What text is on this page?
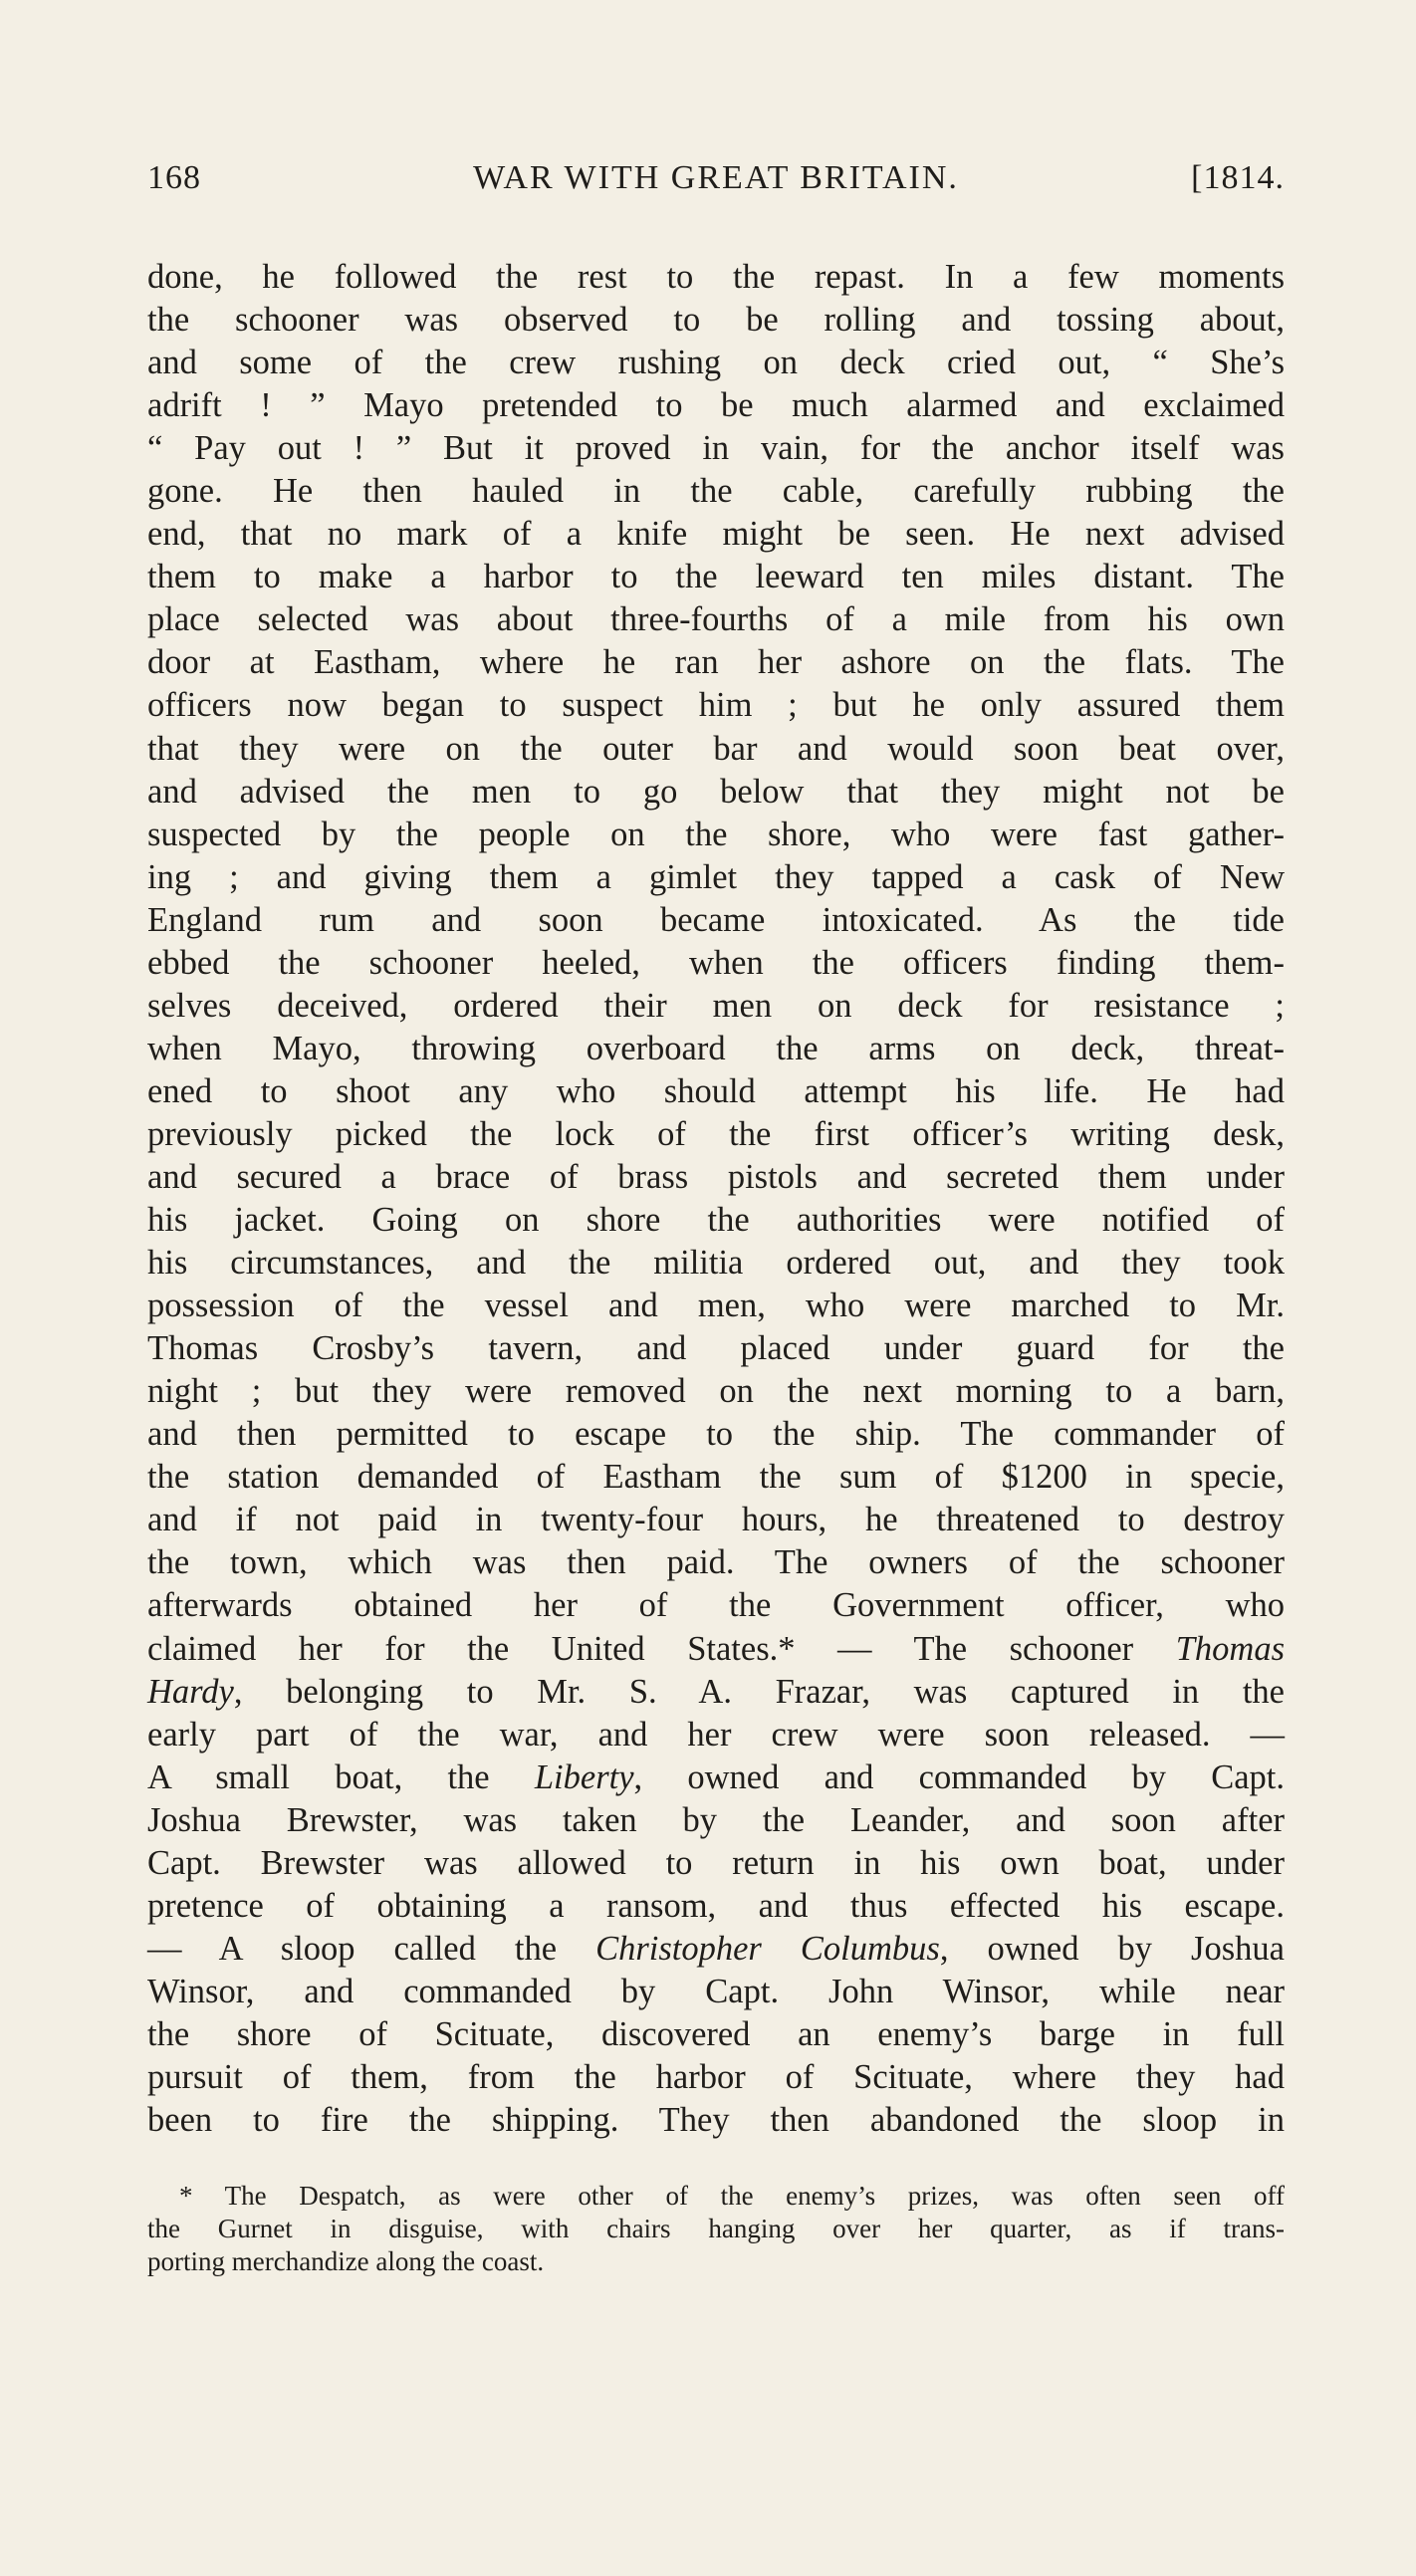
168	WAR WITH GREAT BRITAIN.	[1814.
done, he followed the rest to the repast. In a few moments
the schooner was observed to be rolling and tossing about,
and some of the crew rushing on deck cried out, “ She’s
adrift ! ” Mayo pretended to be much alarmed and exclaimed
“ Pay out ! ” But it proved in vain, for the anchor itself was
gone. He then hauled in the cable, carefully rubbing the
end, that no mark of a knife might be seen. He next advised
them to make a harbor to the leeward ten miles distant. The
place selected was about three-fourths of a mile from his own
door at Eastham, where he ran her ashore on the flats. The
officers now began to suspect him ; but he only assured them
that they were on the outer bar and would soon beat over,
and advised the men to go below that they might not be
suspected by the people on the shore, who were fast gather-
ing ; and giving them a gimlet they tapped a cask of New
England rum and soon became intoxicated. As the tide
ebbed the schooner heeled, when the officers finding them-
selves deceived, ordered their men on deck for resistance ;
when Mayo, throwing overboard the arms on deck, threat-
ened to shoot any who should attempt his life. He had
previously picked the lock of the first officer’s writing desk,
and secured a brace of brass pistols and secreted them under
his jacket. Going on shore the authorities were notified of
his circumstances, and the militia ordered out, and they took
possession of the vessel and men, who were marched to Mr.
Thomas Crosby’s tavern, and placed under guard for the
night ; but they were removed on the next morning to a barn,
and then permitted to escape to the ship. The commander of
the station demanded of Eastham the sum of $1200 in specie,
and if not paid in twenty-four hours, he threatened to destroy
the town, which was then paid. The owners of the schooner
afterwards obtained her of the Government officer, who
claimed her for the United States.* — The schooner Thomas
Hardy, belonging to Mr. S. A. Frazar, was captured in the
early part of the war, and her crew were soon released. —
A small boat, the Liberty, owned and commanded by Capt.
Joshua Brewster, was taken by the Leander, and soon after
Capt. Brewster was allowed to return in his own boat, under
pretence of obtaining a ransom, and thus effected his escape.
— A sloop called the Christopher Columbus, owned by Joshua
Winsor, and commanded by Capt. John Winsor, while near
the shore of Scituate, discovered an enemy’s barge in full
pursuit of them, from the harbor of Scituate, where they had
been to fire the shipping. They then abandoned the sloop in
* The Despatch, as were other of the enemy’s prizes, was often seen off
the Gurnet in disguise, with chairs hanging over her quarter, as if trans-
porting merchandize along the coast.
